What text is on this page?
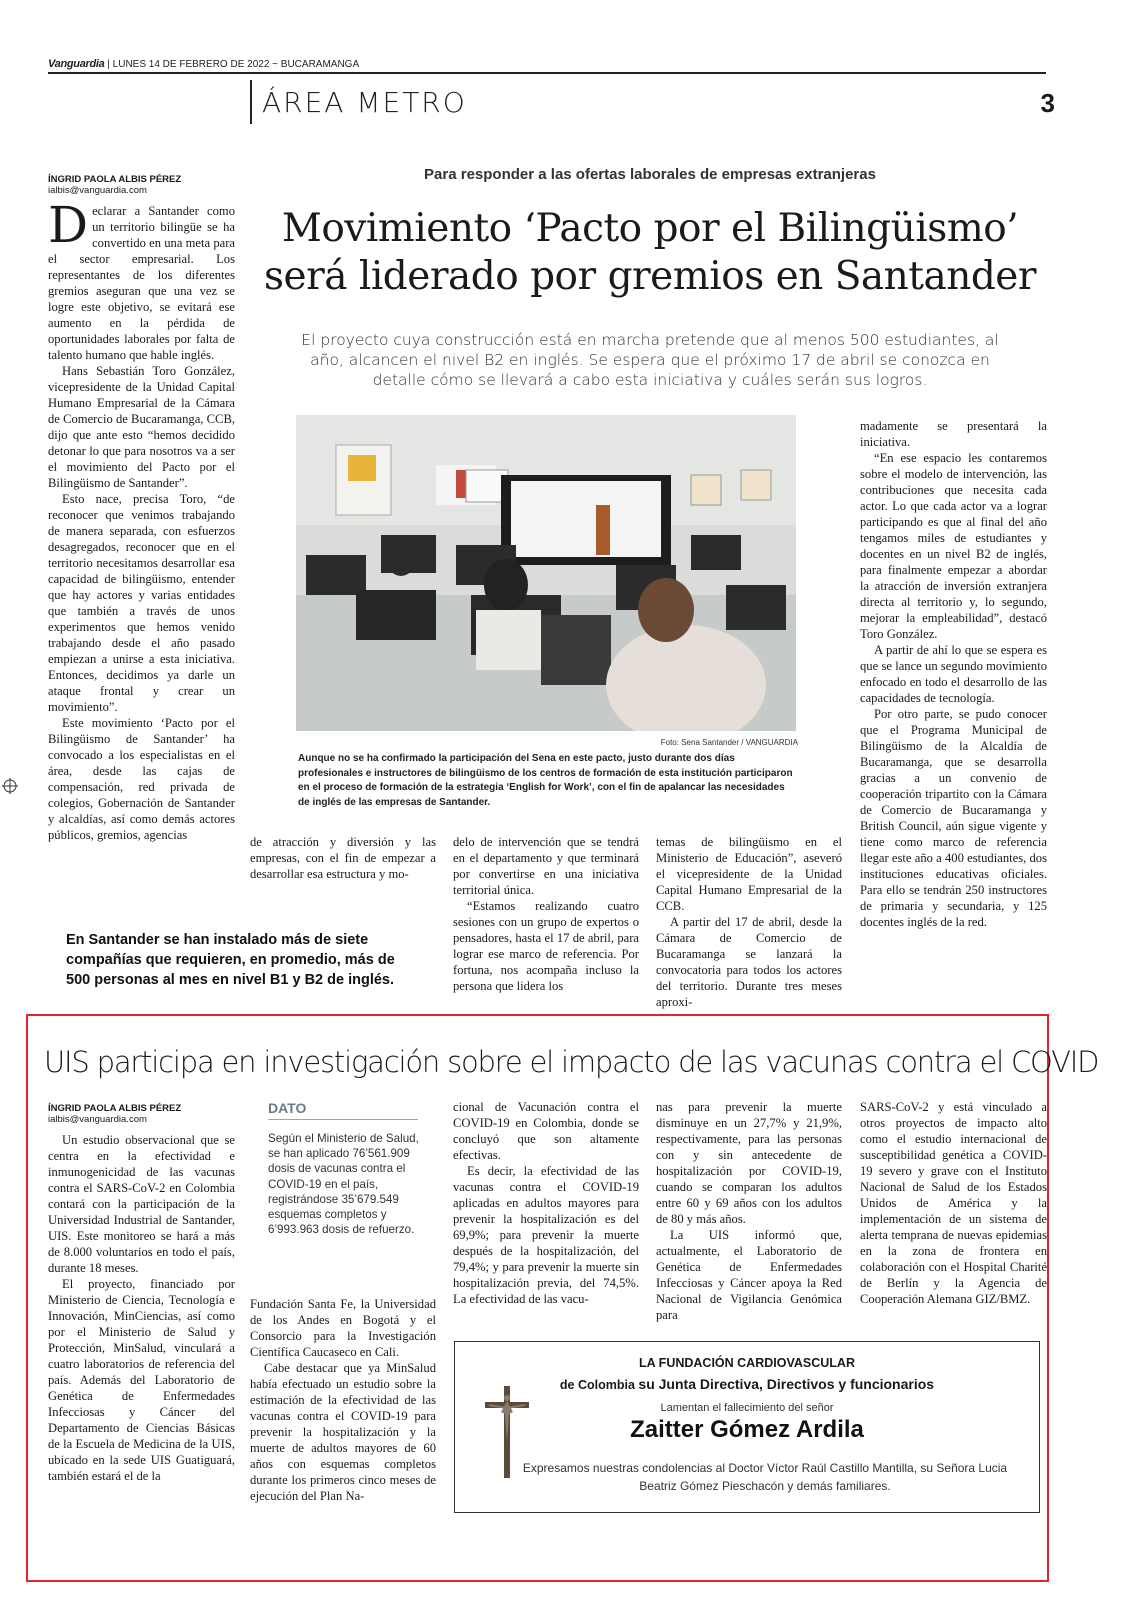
Vanguardia | LUNES 14 DE FEBRERO DE 2022 ~ BUCARAMANGA
ÁREA METRO	3
ÍNGRID PAOLA ALBIS PÉREZ
ialbis@vanguardia.com
Para responder a las ofertas laborales de empresas extranjeras
Movimiento ‘Pacto por el Bilingüismo’ será liderado por gremios en Santander
El proyecto cuya construcción está en marcha pretende que al menos 500 estudiantes, al año, alcancen el nivel B2 en inglés. Se espera que el próximo 17 de abril se conozca en detalle cómo se llevará a cabo esta iniciativa y cuáles serán sus logros.

Declarar a Santander como un territorio bilingüe se ha convertido en una meta para el sector empresarial. Los representantes de los diferentes gremios aseguran que una vez se logre este objetivo, se evitará ese aumento en la pérdida de oportunidades laborales por falta de talento humano que hable inglés.

Hans Sebastián Toro González, vicepresidente de la Unidad Capital Humano Empresarial de la Cámara de Comercio de Bucaramanga, CCB, dijo que ante esto “hemos decidido detonar lo que para nosotros va a ser el movimiento del Pacto por el Bilingüismo de Santander”.

Esto nace, precisa Toro, “de reconocer que venimos trabajando de manera separada, con esfuerzos desagregados, reconocer que en el territorio necesitamos desarrollar esa capacidad de bilingüismo, entender que hay actores y varias entidades que también a través de unos experimentos que hemos venido trabajando desde el año pasado empiezan a unirse a esta iniciativa. Entonces, decidimos ya darle un ataque frontal y crear un movimiento”.

Este movimiento ‘Pacto por el Bilingüismo de Santander’ ha convocado a los especialistas en el área, desde las cajas de compensación, red privada de colegios, Gobernación de Santander y alcaldías, así como demás actores públicos, gremios, agencias

Foto: Sena Santander / VANGUARDIA
Aunque no se ha confirmado la participación del Sena en este pacto, justo durante dos días profesionales e instructores de bilingüismo de los centros de formación de esta institución participaron en el proceso de formación de la estrategia ‘English for Work’, con el fin de apalancar las necesidades de inglés de las empresas de Santander.

de atracción y diversión y las empresas, con el fin de empezar a desarrollar esa estructura y mo-

delo de intervención que se tendrá en el departamento y que terminará por convertirse en una iniciativa territorial única.

“Estamos realizando cuatro sesiones con un grupo de expertos o pensadores, hasta el 17 de abril, para lograr ese marco de referencia. Por fortuna, nos acompaña incluso la persona que lidera los

temas de bilingüismo en el Ministerio de Educación”, aseveró el vicepresidente de la Unidad Capital Humano Empresarial de la CCB.

A partir del 17 de abril, desde la Cámara de Comercio de Bucaramanga se lanzará la convocatoria para todos los actores del territorio. Durante tres meses aproxi-

madamente se presentará la iniciativa.

“En ese espacio les contaremos sobre el modelo de intervención, las contribuciones que necesita cada actor. Lo que cada actor va a lograr participando es que al final del año tengamos miles de estudiantes y docentes en un nivel B2 de inglés, para finalmente empezar a abordar la atracción de inversión extranjera directa al territorio y, lo segundo, mejorar la empleabilidad”, destacó Toro González.

A partir de ahí lo que se espera es que se lance un segundo movimiento enfocado en todo el desarrollo de las capacidades de tecnología.

Por otro parte, se pudo conocer que el Programa Municipal de Bilingüismo de la Alcaldía de Bucaramanga, que se desarrolla gracias a un convenio de cooperación tripartito con la Cámara de Comercio de Bucaramanga y British Council, aún sigue vigente y tiene como marco de referencia llegar este año a 400 estudiantes, dos instituciones educativas oficiales. Para ello se tendrán 250 instructores de primaria y secundaria, y 125 docentes inglés de la red.

En Santander se han instalado más de siete compañías que requieren, en promedio, más de 500 personas al mes en nivel B1 y B2 de inglés.
UIS participa en investigación sobre el impacto de las vacunas contra el COVID
ÍNGRID PAOLA ALBIS PÉREZ
ialbis@vanguardia.com

Un estudio observacional que se centra en la efectividad e inmunogenicidad de las vacunas contra el SARS-CoV-2 en Colombia contará con la participación de la Universidad Industrial de Santander, UIS. Este monitoreo se hará a más de 8.000 voluntarios en todo el país, durante 18 meses.

El proyecto, financiado por Ministerio de Ciencia, Tecnología e Innovación, MinCiencias, así como por el Ministerio de Salud y Protección, MinSalud, vinculará a cuatro laboratorios de referencia del país. Además del Laboratorio de Genética de Enfermedades Infecciosas y Cáncer del Departamento de Ciencias Básicas de la Escuela de Medicina de la UIS, ubicado en la sede UIS Guatiguará, también estará el de la

DATO
Según el Ministerio de Salud, se han aplicado 76’561.909 dosis de vacunas contra el COVID-19 en el país, registrándose 35’679.549 esquemas completos y 6’993.963 dosis de refuerzo.

Fundación Santa Fe, la Universidad de los Andes en Bogotá y el Consorcio para la Investigación Científica Caucaseco en Cali.

Cabe destacar que ya MinSalud había efectuado un estudio sobre la estimación de la efectividad de las vacunas contra el COVID-19 para prevenir la hospitalización y la muerte de adultos mayores de 60 años con esquemas completos durante los primeros cinco meses de ejecución del Plan Na-

cional de Vacunación contra el COVID-19 en Colombia, donde se concluyó que son altamente efectivas.

Es decir, la efectividad de las vacunas contra el COVID-19 aplicadas en adultos mayores para prevenir la hospitalización es del 69,9%; para prevenir la muerte después de la hospitalización, del 79,4%; y para prevenir la muerte sin hospitalización previa, del 74,5%. La efectividad de las vacu-

nas para prevenir la muerte disminuye en un 27,7% y 21,9%, respectivamente, para las personas con y sin antecedente de hospitalización por COVID-19, cuando se comparan los adultos entre 60 y 69 años con los adultos de 80 y más años.

La UIS informó que, actualmente, el Laboratorio de Genética de Enfermedades Infecciosas y Cáncer apoya la Red Nacional de Vigilancia Genómica para

SARS-CoV-2 y está vinculado a otros proyectos de impacto alto como el estudio internacional de susceptibilidad genética a COVID-19 severo y grave con el Instituto Nacional de Salud de los Estados Unidos de América y la implementación de un sistema de alerta temprana de nuevas epidemias en la zona de frontera en colaboración con el Hospital Charité de Berlín y la Agencia de Cooperación Alemana GIZ/BMZ.

LA FUNDACIÓN CARDIOVASCULAR
de Colombia su Junta Directiva, Directivos y funcionarios
Lamentan el fallecimiento del señor
Zaitter Gómez Ardila
Expresamos nuestras condolencias al Doctor Víctor Raúl Castillo Mantilla, su Señora Lucia Beatriz Gómez Pieschacón y demás familiares.
